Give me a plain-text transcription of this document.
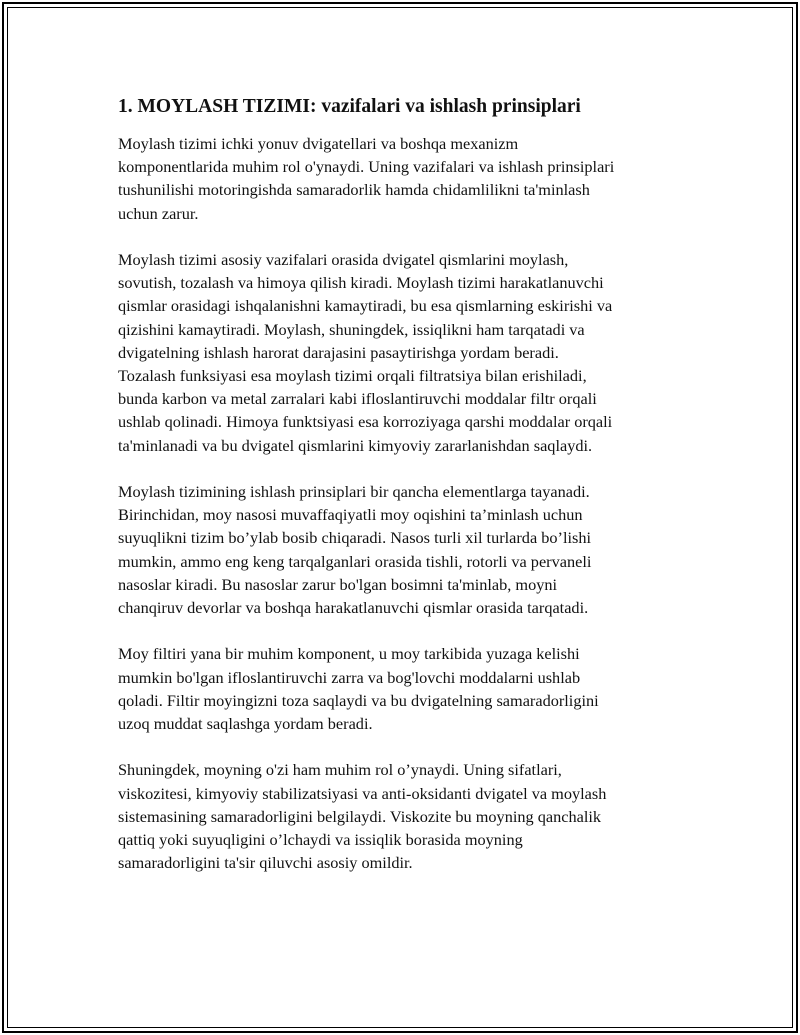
1. MOYLASH TIZIMI: vazifalari va ishlash prinsiplari
Moylash tizimi ichki yonuv dvigatellari va boshqa mexanizm
komponentlarida muhim rol o'ynaydi. Uning vazifalari va ishlash prinsiplari
tushunilishi motoringishda samaradorlik hamda chidamlilikni ta'minlash
uchun zarur.
Moylash tizimi asosiy vazifalari orasida dvigatel qismlarini moylash,
sovutish, tozalash va himoya qilish kiradi. Moylash tizimi harakatlanuvchi
qismlar orasidagi ishqalanishni kamaytiradi, bu esa qismlarning eskirishi va
qizishini kamaytiradi. Moylash, shuningdek, issiqlikni ham tarqatadi va
dvigatelning ishlash harorat darajasini pasaytirishga yordam beradi.
Tozalash funksiyasi esa moylash tizimi orqali filtratsiya bilan erishiladi,
bunda karbon va metal zarralari kabi ifloslantiruvchi moddalar filtr orqali
ushlab qolinadi. Himoya funktsiyasi esa korroziyaga qarshi moddalar orqali
ta'minlanadi va bu dvigatel qismlarini kimyoviy zararlanishdan saqlaydi.
Moylash tizimining ishlash prinsiplari bir qancha elementlarga tayanadi.
Birinchidan, moy nasosi muvaffaqiyatli moy oqishini ta’minlash uchun
suyuqlikni tizim bo’ylab bosib chiqaradi. Nasos turli xil turlarda bo’lishi
mumkin, ammo eng keng tarqalganlari orasida tishli, rotorli va pervaneli
nasoslar kiradi. Bu nasoslar zarur bo'lgan bosimni ta'minlab, moyni
chanqiruv devorlar va boshqa harakatlanuvchi qismlar orasida tarqatadi.
Moy filtiri yana bir muhim komponent, u moy tarkibida yuzaga kelishi
mumkin bo'lgan ifloslantiruvchi zarra va bog'lovchi moddalarni ushlab
qoladi. Filtir moyingizni toza saqlaydi va bu dvigatelning samaradorligini
uzoq muddat saqlashga yordam beradi.
Shuningdek, moyning o'zi ham muhim rol o’ynaydi. Uning sifatlari,
viskozitesi, kimyoviy stabilizatsiyasi va anti-oksidanti dvigatel va moylash
sistemasining samaradorligini belgilaydi. Viskozite bu moyning qanchalik
qattiq yoki suyuqligini o’lchaydi va issiqlik borasida moyning
samaradorligini ta'sir qiluvchi asosiy omildir.
